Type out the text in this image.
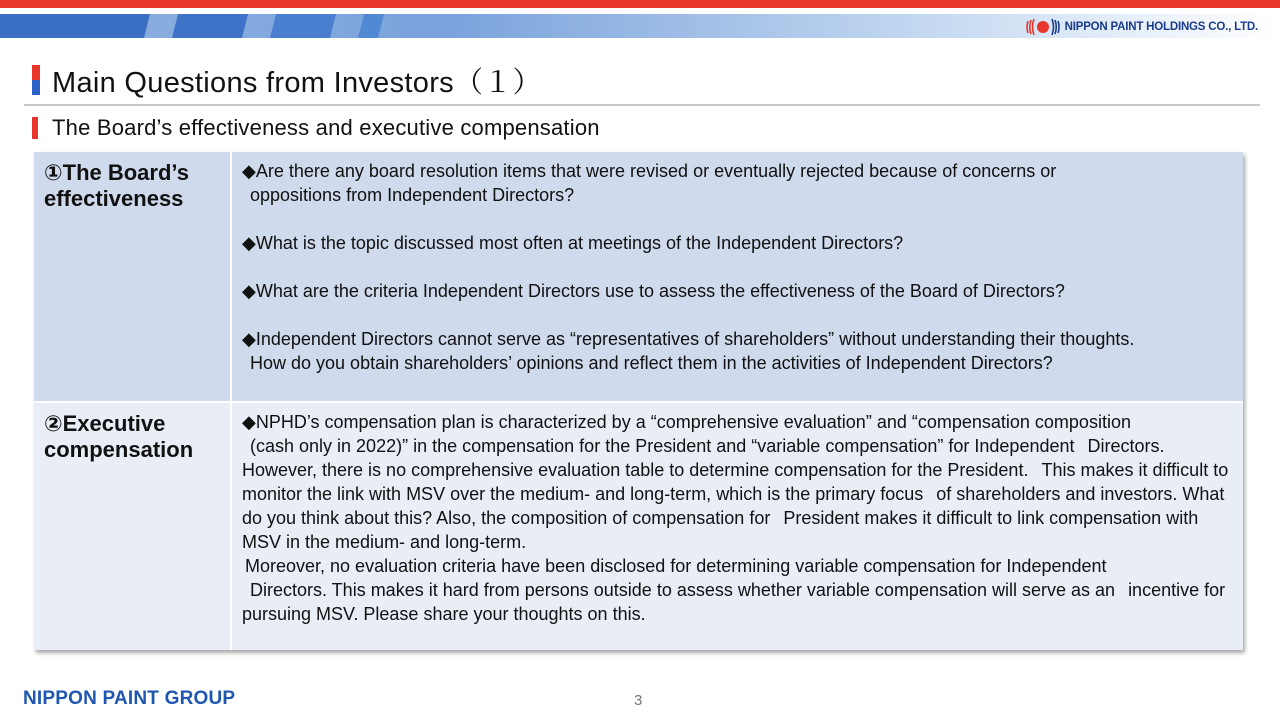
NIPPON PAINT HOLDINGS CO., LTD.
Main Questions from Investors（１）
The Board’s effectiveness and executive compensation
①The Board’s
effectiveness
◆Are there any board resolution items that were revised or eventually rejected because of concerns or
oppositions from Independent Directors?
◆What is the topic discussed most often at meetings of the Independent Directors?
◆What are the criteria Independent Directors use to assess the effectiveness of the Board of Directors?
◆Independent Directors cannot serve as “representatives of shareholders” without understanding their thoughts.
How do you obtain shareholders’ opinions and reflect them in the activities of Independent Directors?
②Executive
compensation
◆NPHD’s compensation plan is characterized by a “comprehensive evaluation” and “compensation composition
(cash only in 2022)” in the compensation for the President and “variable compensation” for Independent Directors. However, there is no comprehensive evaluation table to determine compensation for the President. This makes it difficult to monitor the link with MSV over the medium- and long-term, which is the primary focus of shareholders and investors. What do you think about this? Also, the composition of compensation for President makes it difficult to link compensation with MSV in the medium- and long-term.
Moreover, no evaluation criteria have been disclosed for determining variable compensation for Independent
Directors. This makes it hard from persons outside to assess whether variable compensation will serve as an incentive for pursuing MSV. Please share your thoughts on this.
NIPPON PAINT GROUP	3
